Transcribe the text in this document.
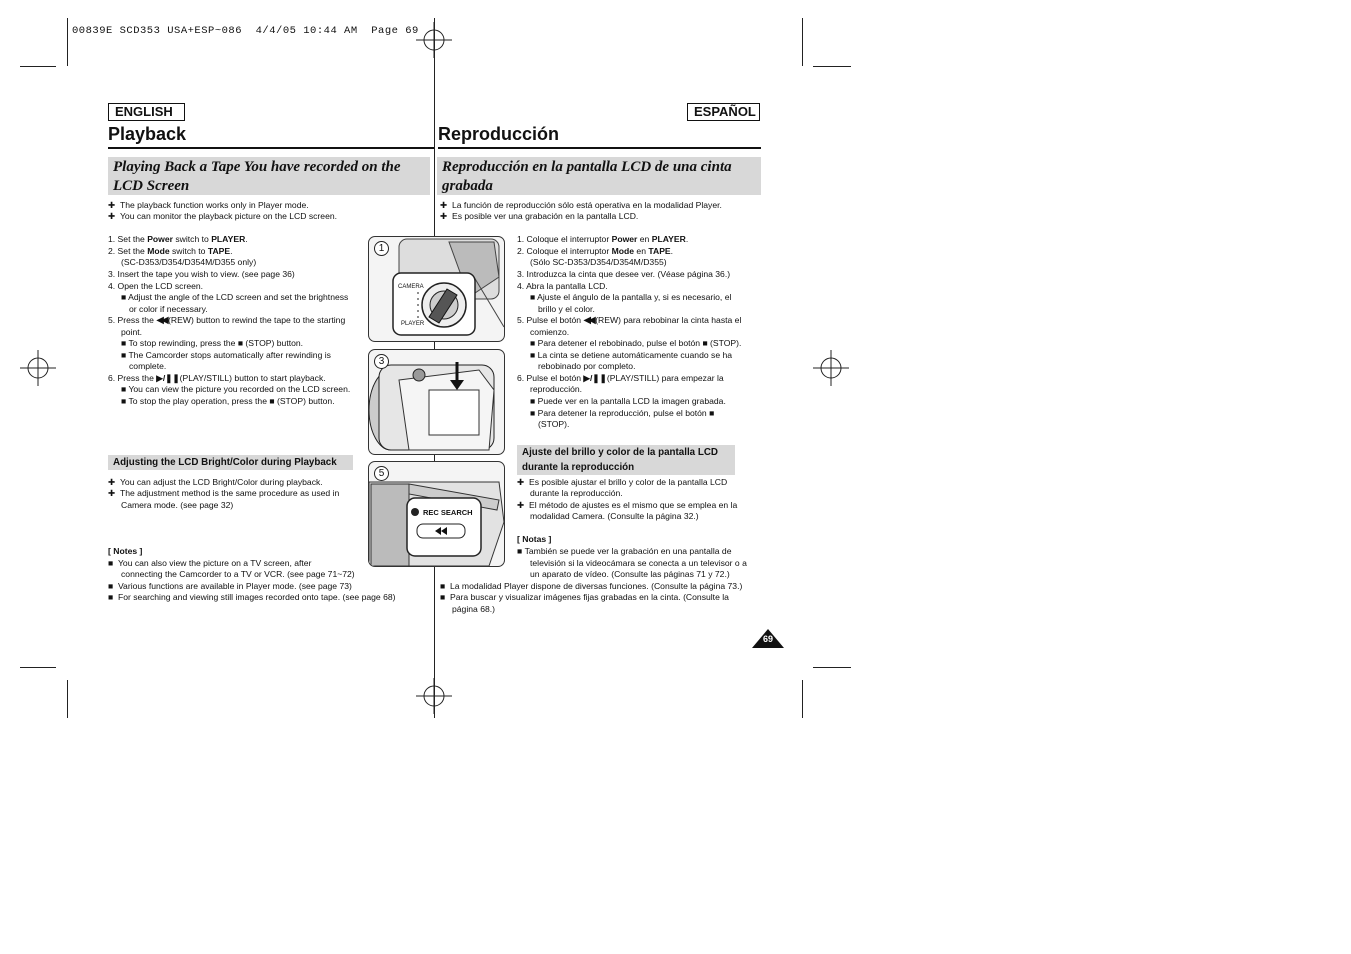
00839E SCD353 USA+ESP~086  4/4/05 10:44 AM  Page 69
ENGLISH
Playback
Playing Back a Tape You have recorded on the
LCD Screen
✚  The playback function works only in Player mode.
✚  You can monitor the playback picture on the LCD screen.
1. Set the Power switch to PLAYER.
2. Set the Mode switch to TAPE.
(SC-D353/D354/D354M/D355 only)
3. Insert the tape you wish to view. (see page 36)
4. Open the LCD screen.
■ Adjust the angle of the LCD screen and set the brightness
or color if necessary.
5. Press the ◀◀ (REW) button to rewind the tape to the starting
point.
■ To stop rewinding, press the ■ (STOP) button.
■ The Camcorder stops automatically after rewinding is
complete.
6. Press the ▶/❚❚(PLAY/STILL) button to start playback.
■ You can view the picture you recorded on the LCD screen.
■ To stop the play operation, press the ■ (STOP) button.
Adjusting the LCD Bright/Color during Playback
✚  You can adjust the LCD Bright/Color during playback.
✚  The adjustment method is the same procedure as used in
Camera mode. (see page 32)
[ Notes ]
■  You can also view the picture on a TV screen, after
connecting the Camcorder to a TV or VCR. (see page 71~72)
■  Various functions are available in Player mode. (see page 73)
■  For searching and viewing still images recorded onto tape. (see page 68)
1
CAMERA
PLAYER
3
5
REC SEARCH
ESPAÑOL
Reproducción
Reproducción en la pantalla LCD de una cinta
grabada
✚  La función de reproducción sólo está operativa en la modalidad Player.
✚  Es posible ver una grabación en la pantalla LCD.
1. Coloque el interruptor Power en PLAYER.
2. Coloque el interruptor Mode en TAPE.
(Sólo SC-D353/D354/D354M/D355)
3. Introduzca la cinta que desee ver. (Véase página 36.)
4. Abra la pantalla LCD.
■ Ajuste el ángulo de la pantalla y, si es necesario, el
brillo y el color.
5. Pulse el botón ◀◀ (REW) para rebobinar la cinta hasta el
comienzo.
■ Para detener el rebobinado, pulse el botón ■ (STOP).
■ La cinta se detiene automáticamente cuando se ha
rebobinado por completo.
6. Pulse el botón ▶/❚❚(PLAY/STILL) para empezar la
reproducción.
■ Puede ver en la pantalla LCD la imagen grabada.
■ Para detener la reproducción, pulse el botón ■
(STOP).
Ajuste del brillo y color de la pantalla LCD
durante la reproducción
✚  Es posible ajustar el brillo y color de la pantalla LCD
durante la reproducción.
✚  El método de ajustes es el mismo que se emplea en la
modalidad Camera. (Consulte la página 32.)
[ Notas ]
■ También se puede ver la grabación en una pantalla de
televisión si la videocámara se conecta a un televisor o a
un aparato de vídeo. (Consulte las páginas 71 y 72.)
■  La modalidad Player dispone de diversas funciones. (Consulte la página 73.)
■  Para buscar y visualizar imágenes fijas grabadas en la cinta. (Consulte la
página 68.)
69
